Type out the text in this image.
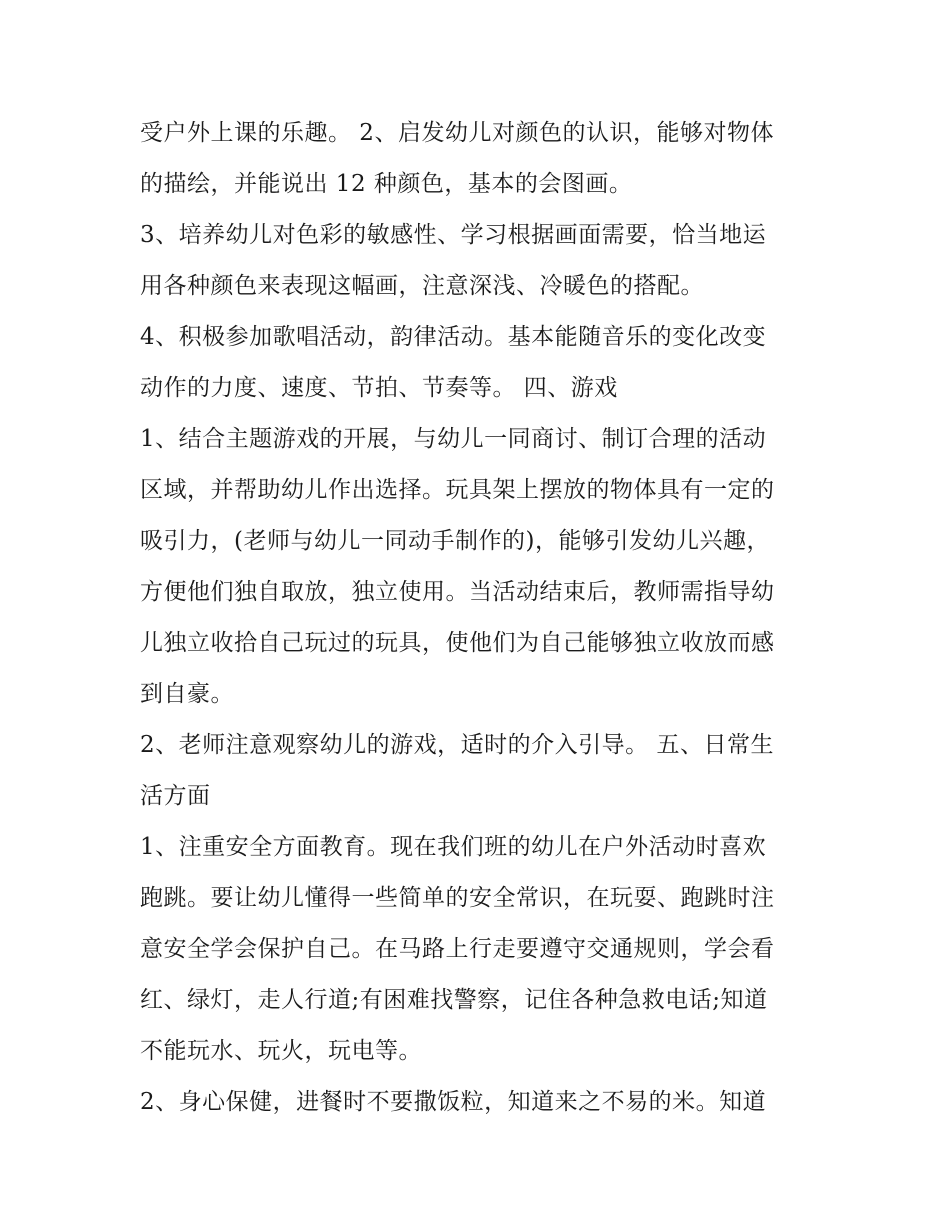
受户外上课的乐趣。 2、启发幼儿对颜色的认识，能够对物体
的描绘，并能说出 12 种颜色，基本的会图画。
3、培养幼儿对色彩的敏感性、学习根据画面需要，恰当地运
用各种颜色来表现这幅画，注意深浅、冷暖色的搭配。
4、积极参加歌唱活动，韵律活动。基本能随音乐的变化改变
动作的力度、速度、节拍、节奏等。 四、游戏
1、结合主题游戏的开展，与幼儿一同商讨、制订合理的活动
区域，并帮助幼儿作出选择。玩具架上摆放的物体具有一定的
吸引力，(老师与幼儿一同动手制作的)，能够引发幼儿兴趣，
方便他们独自取放，独立使用。当活动结束后，教师需指导幼
儿独立收拾自己玩过的玩具，使他们为自己能够独立收放而感
到自豪。
2、老师注意观察幼儿的游戏，适时的介入引导。 五、日常生
活方面
1、注重安全方面教育。现在我们班的幼儿在户外活动时喜欢
跑跳。要让幼儿懂得一些简单的安全常识，在玩耍、跑跳时注
意安全学会保护自己。在马路上行走要遵守交通规则，学会看
红、绿灯，走人行道;有困难找警察，记住各种急救电话;知道
不能玩水、玩火，玩电等。
2、身心保健，进餐时不要撒饭粒，知道来之不易的米。知道
